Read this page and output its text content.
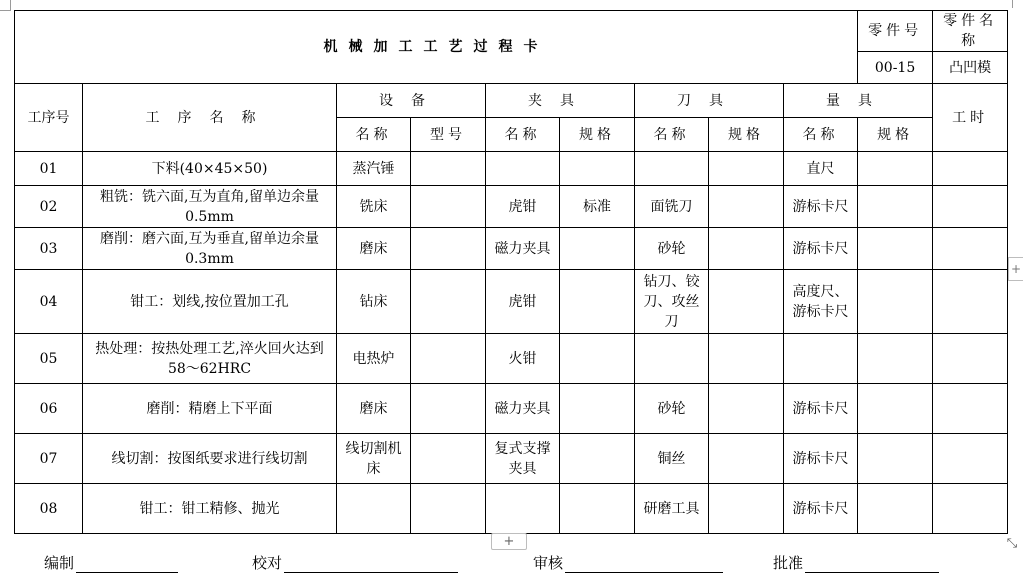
机械加工工艺过程卡									零件号	零件名称
									00-15	凸凹模
工序号	工序名称	设备		夹具		刀具		量具		工时
		名称	型号	名称	规格	名称	规格	名称	规格	
01	下料(40×45×50)	蒸汽锤						直尺		
02	粗铣：铣六面,互为直角,留单边余量 0.5mm	铣床		虎钳	标准	面铣刀		游标卡尺		
03	磨削：磨六面,互为垂直,留单边余量 0.3mm	磨床		磁力夹具		砂轮		游标卡尺		
04	钳工：划线,按位置加工孔	钻床		虎钳		钻刀、铰刀、攻丝刀		高度尺、游标卡尺		
05	热处理：按热处理工艺,淬火回火达到 58～62HRC	电热炉		火钳						
06	磨削：精磨上下平面	磨床		磁力夹具		砂轮		游标卡尺		
07	线切割：按图纸要求进行线切割	线切割机床		复式支撑夹具		铜丝		游标卡尺		
08	钳工：钳工精修、抛光					研磨工具		游标卡尺		
+
+	⤡
编制	校对	审核	批准
